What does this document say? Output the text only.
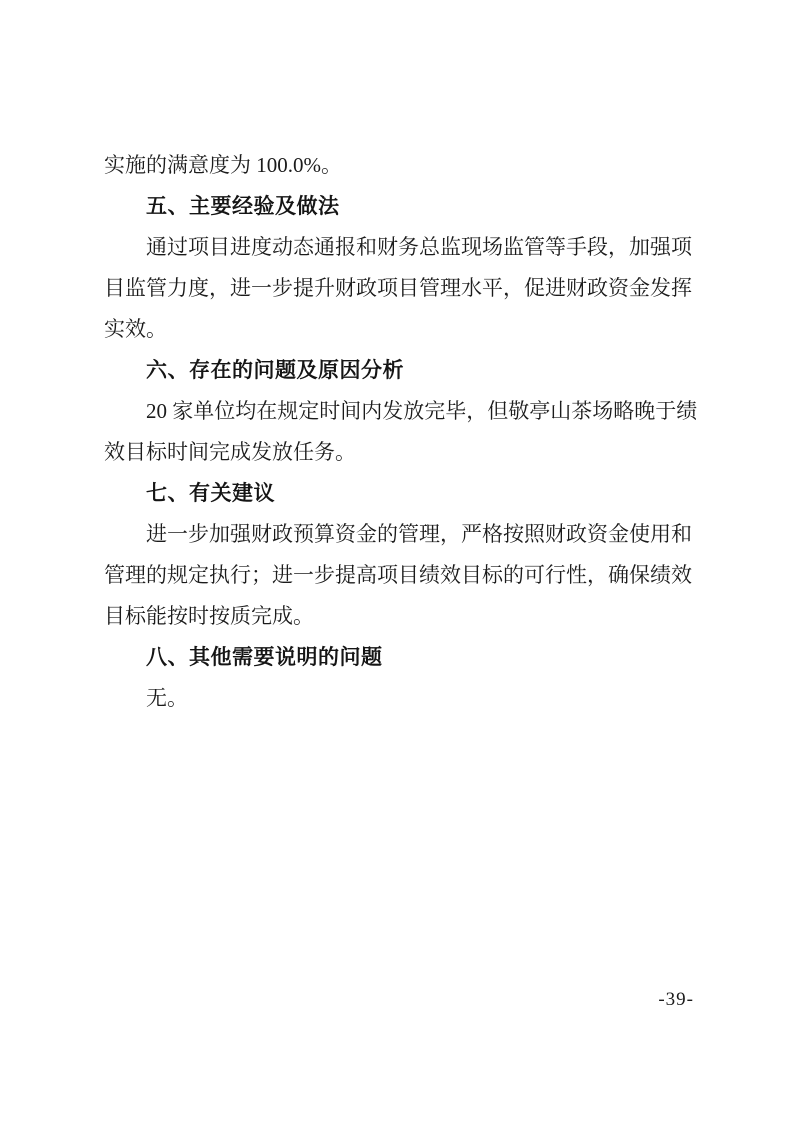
实施的满意度为 100.0%。
五、主要经验及做法
通过项目进度动态通报和财务总监现场监管等手段，加强项
目监管力度，进一步提升财政项目管理水平，促进财政资金发挥
实效。
六、存在的问题及原因分析
20 家单位均在规定时间内发放完毕，但敬亭山茶场略晚于绩
效目标时间完成发放任务。
七、有关建议
进一步加强财政预算资金的管理，严格按照财政资金使用和
管理的规定执行；进一步提高项目绩效目标的可行性，确保绩效
目标能按时按质完成。
八、其他需要说明的问题
无。
-39-
